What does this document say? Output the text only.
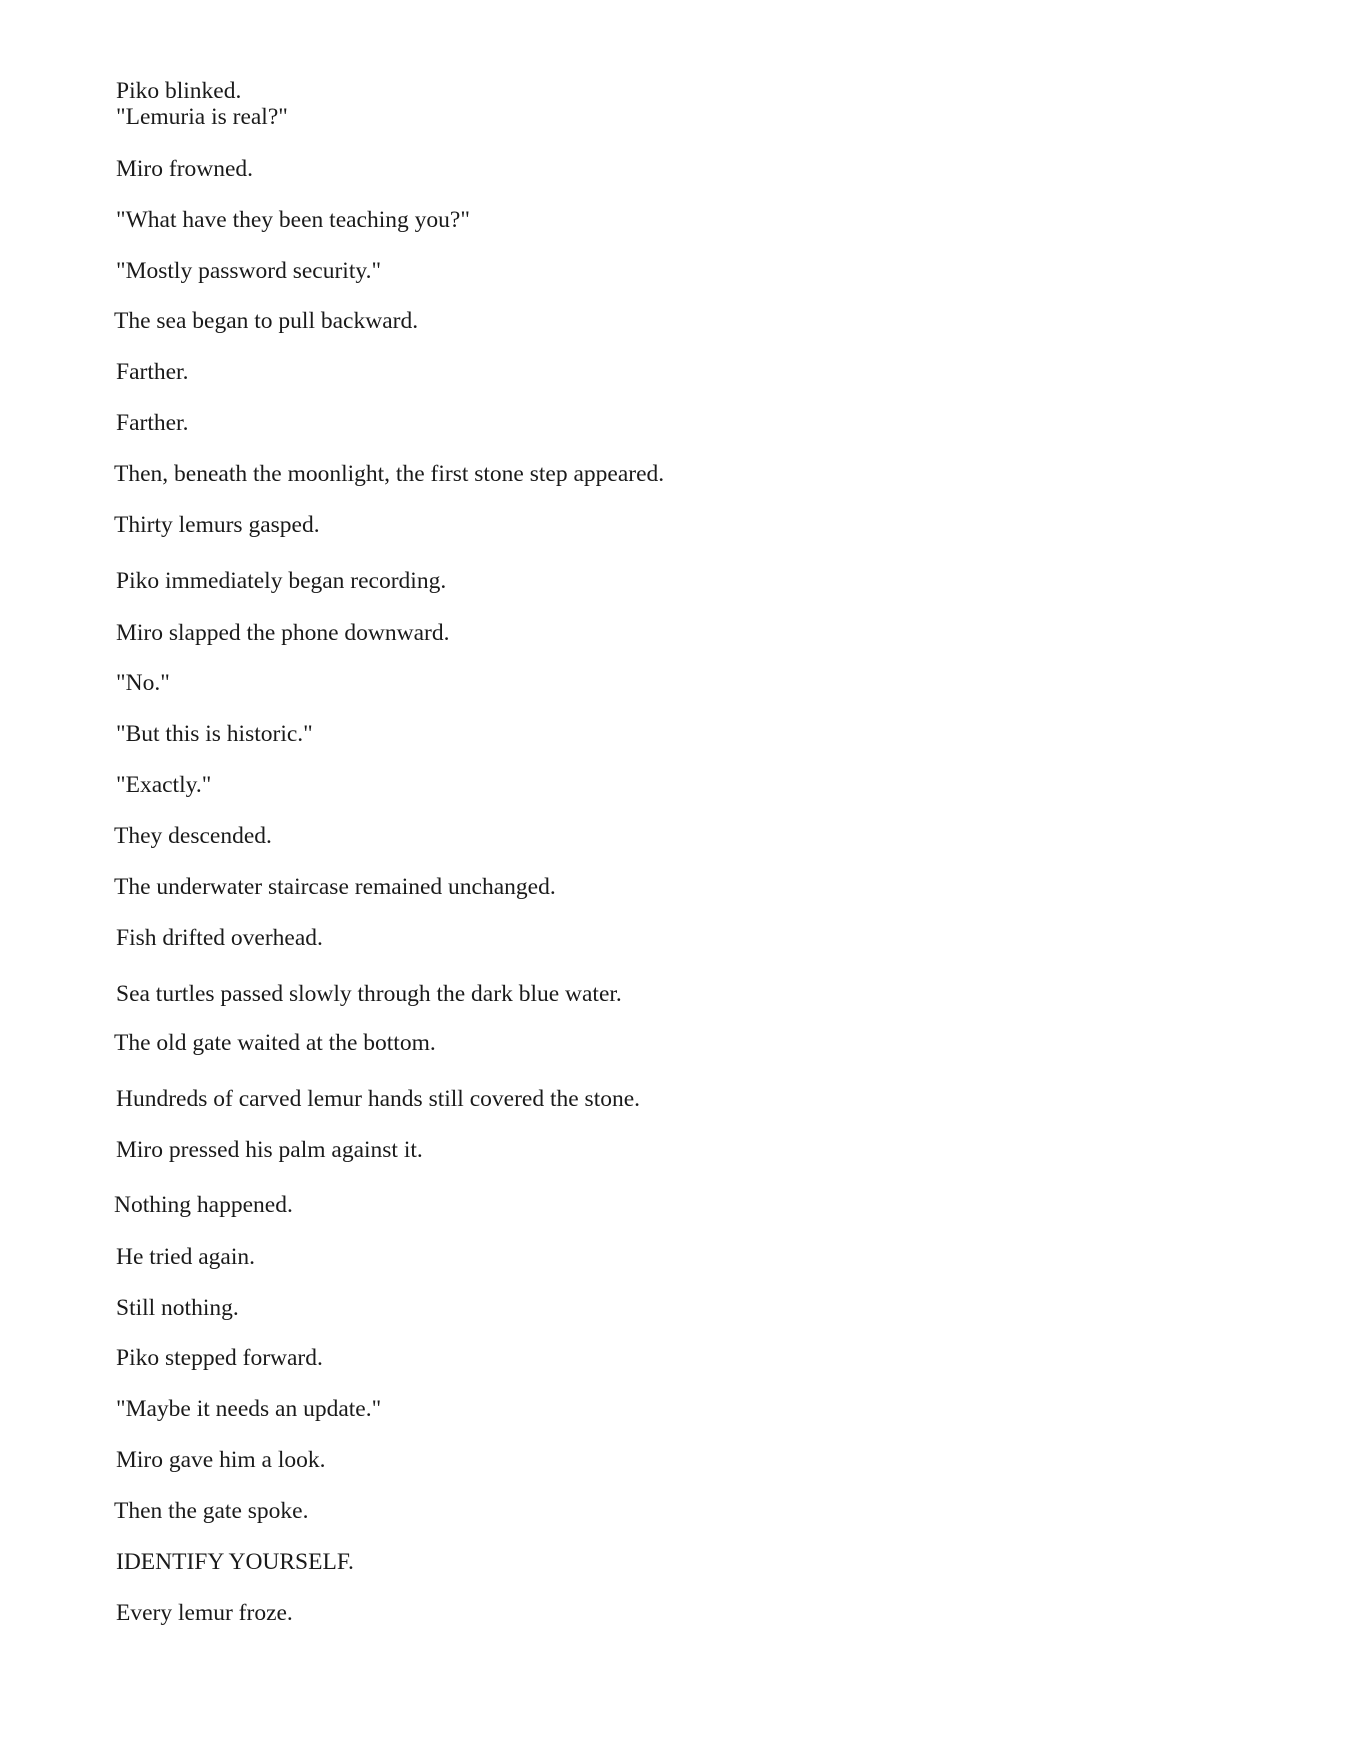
Piko blinked.
"Lemuria is real?"
Miro frowned.
"What have they been teaching you?"
"Mostly password security."
The sea began to pull backward.
Farther.
Farther.
Then, beneath the moonlight, the first stone step appeared.
Thirty lemurs gasped.
Piko immediately began recording.
Miro slapped the phone downward.
"No."
"But this is historic."
"Exactly."
They descended.
The underwater staircase remained unchanged.
Fish drifted overhead.
Sea turtles passed slowly through the dark blue water.
The old gate waited at the bottom.
Hundreds of carved lemur hands still covered the stone.
Miro pressed his palm against it.
Nothing happened.
He tried again.
Still nothing.
Piko stepped forward.
"Maybe it needs an update."
Miro gave him a look.
Then the gate spoke.
IDENTIFY YOURSELF.
Every lemur froze.
